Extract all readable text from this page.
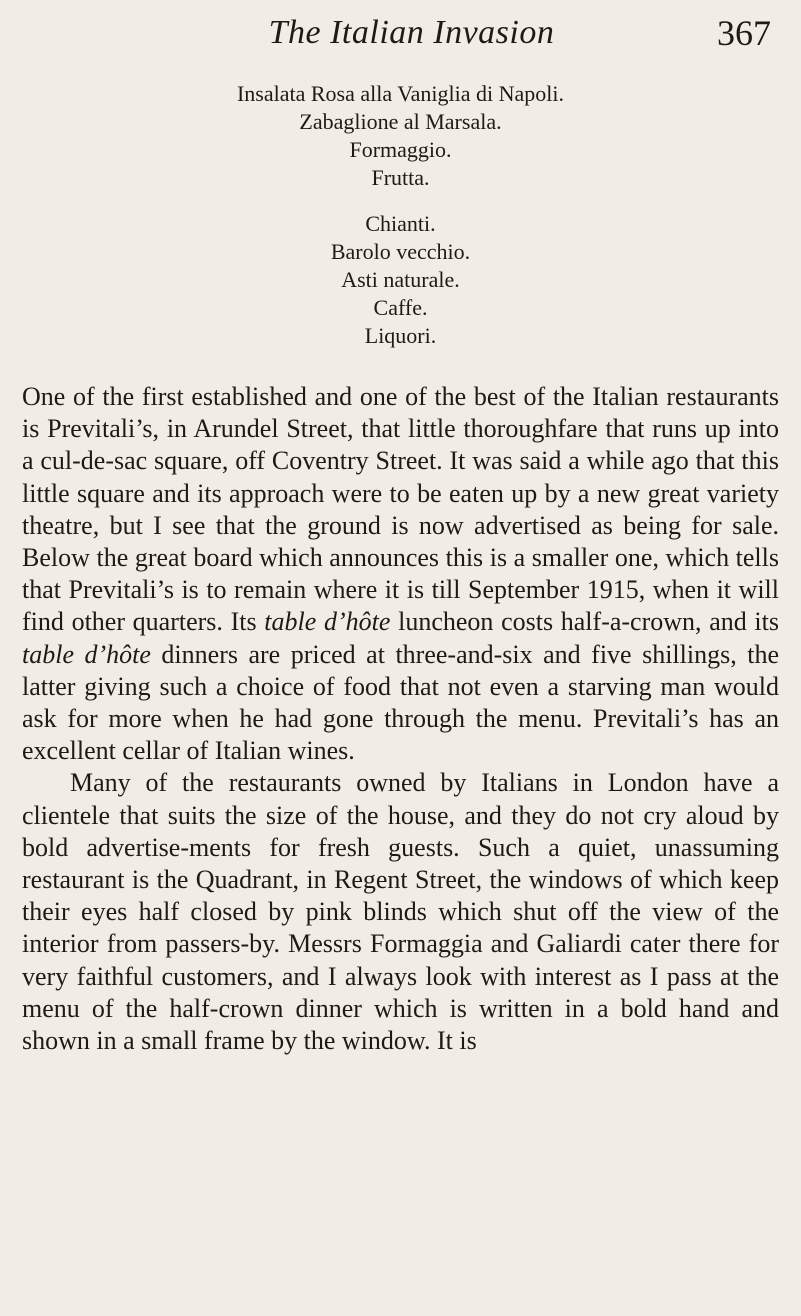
The Italian Invasion	367
Insalata Rosa alla Vaniglia di Napoli.
Zabaglione al Marsala.
Formaggio.
Frutta.
Chianti.
Barolo vecchio.
Asti naturale.
Caffe.
Liquori.

One of the first established and one of the best of the Italian restaurants is Previtali’s, in Arundel Street, that little thoroughfare that runs up into a cul-de-sac square, off Coventry Street. It was said a while ago that this little square and its approach were to be eaten up by a new great variety theatre, but I see that the ground is now advertised as being for sale. Below the great board which announces this is a smaller one, which tells that Previtali’s is to remain where it is till September 1915, when it will find other quarters. Its table d’hôte luncheon costs half-a-crown, and its table d’hôte dinners are priced at three-and-six and five shillings, the latter giving such a choice of food that not even a starving man would ask for more when he had gone through the menu. Previtali’s has an excellent cellar of Italian wines.

Many of the restaurants owned by Italians in London have a clientele that suits the size of the house, and they do not cry aloud by bold advertise-ments for fresh guests. Such a quiet, unassuming restaurant is the Quadrant, in Regent Street, the windows of which keep their eyes half closed by pink blinds which shut off the view of the interior from passers-by. Messrs Formaggia and Galiardi cater there for very faithful customers, and I always look with interest as I pass at the menu of the half-crown dinner which is written in a bold hand and shown in a small frame by the window. It is
